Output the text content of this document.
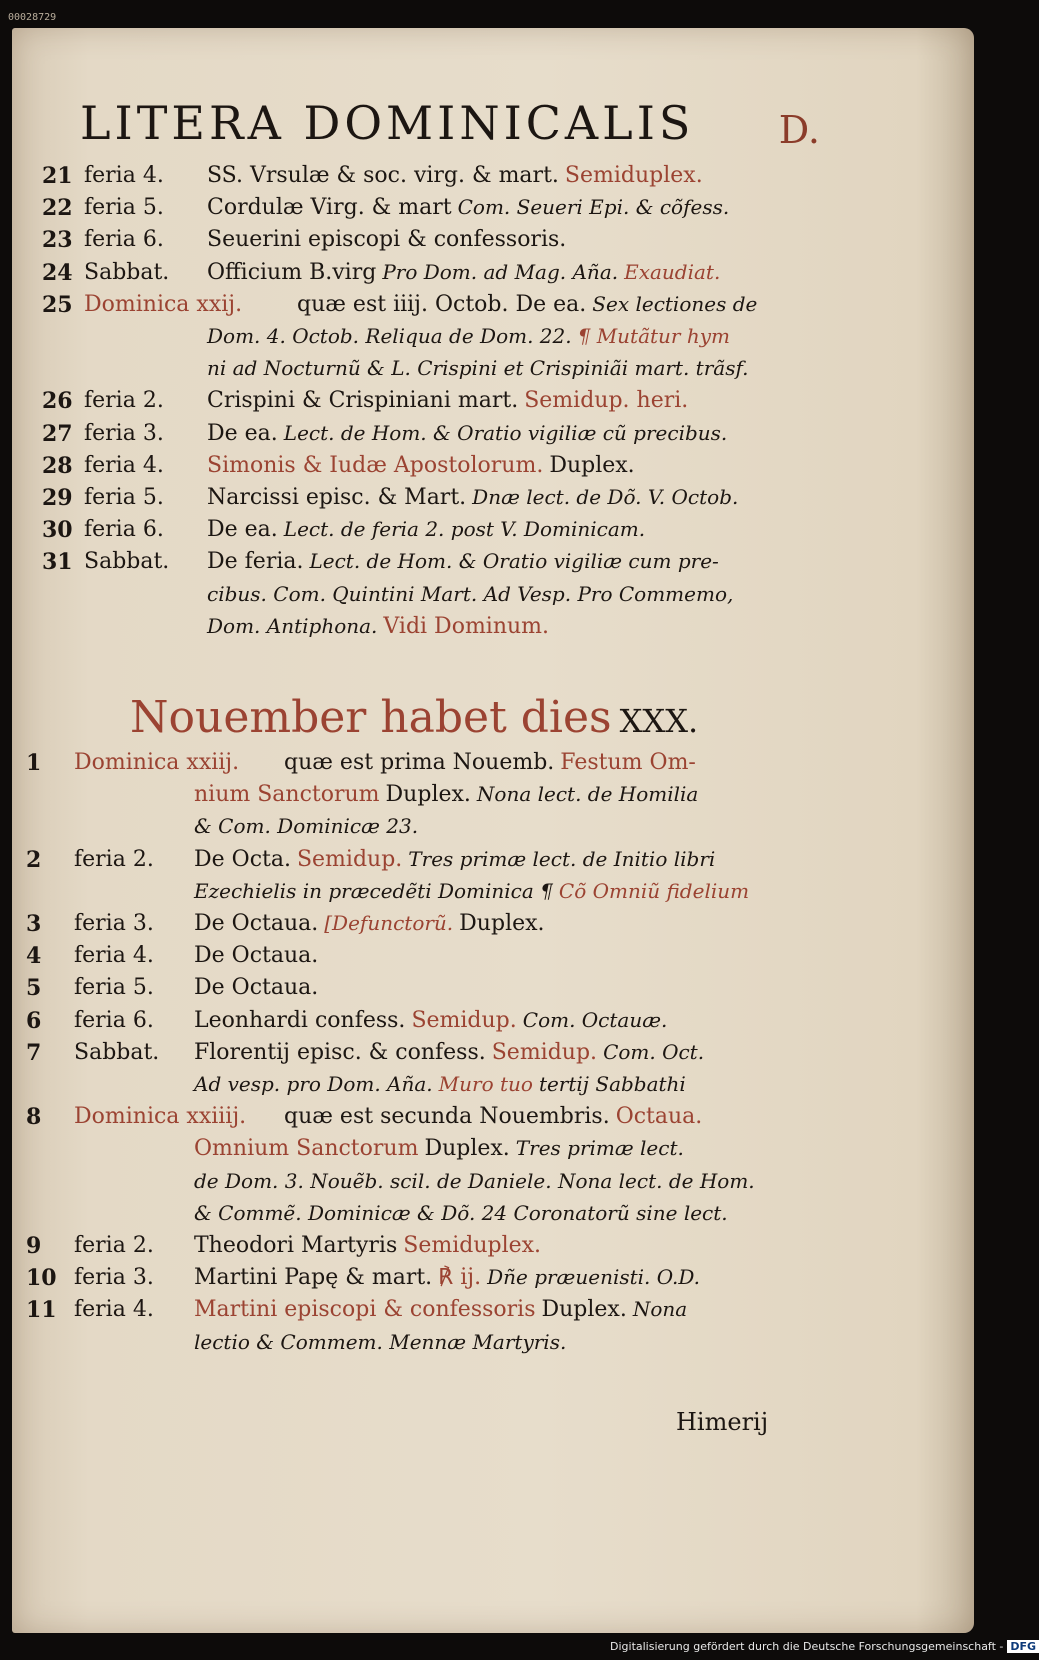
LITERA DOMINICALIS D.
21 feria 4. SS. Vrsulæ & soc. virg. & mart. Semiduplex.
22 feria 5. Cordulæ Virg. & mart Com. Seueri Epi. & cõfess.
23 feria 6. Seuerini episcopi & confessoris.
24 Sabbat. Officium B.virg Pro Dom. ad Mag. Aña. Exaudiat.
25 Dominica xxij. quæ est iiij. Octob. De ea. Sex lectiones de
Dom. 4. Octob. Reliqua de Dom. 22. ¶ Mutãtur hym
ni ad Nocturnũ & L. Crispini et Crispiniãi mart. trãsf.
26 feria 2. Crispini & Crispiniani mart. Semidup. heri.
27 feria 3. De ea. Lect. de Hom. & Oratio vigiliæ cũ precibus.
28 feria 4. Simonis & Iudæ Apostolorum. Duplex.
29 feria 5. Narcissi episc. & Mart. Dnæ lect. de Dõ. V. Octob.
30 feria 6. De ea. Lect. de feria 2. post V. Dominicam.
31 Sabbat. De feria. Lect. de Hom. & Oratio vigiliæ cum pre-
cibus. Com. Quintini Mart. Ad Vesp. Pro Commemo,
Dom. Antiphona. Vidi Dominum.
Nouember habet dies XXX.
1 Dominica xxiij. quæ est prima Nouemb. Festum Om-
nium Sanctorum Duplex. Nona lect. de Homilia
& Com. Dominicæ 23.
2 feria 2. De Octa. Semidup. Tres primæ lect. de Initio libri
Ezechielis in præcedẽti Dominica ¶ Cõ Omniũ fidelium
3 feria 3. De Octaua. [Defunctorũ. Duplex.
4 feria 4. De Octaua.
5 feria 5. De Octaua.
6 feria 6. Leonhardi confess. Semidup. Com. Octauæ.
7 Sabbat. Florentij episc. & confess. Semidup. Com. Oct.
Ad vesp. pro Dom. Aña. Muro tuo tertij Sabbathi
8 Dominica xxiiij. quæ est secunda Nouembris. Octaua.
Omnium Sanctorum Duplex. Tres primæ lect.
de Dom. 3. Nouẽb. scil. de Daniele. Nona lect. de Hom.
& Commẽ. Dominicæ & Dõ. 24 Coronatorũ sine lect.
9 feria 2. Theodori Martyris Semiduplex.
10 feria 3. Martini Papę & mart. ℟ ij. Dñe præuenisti. O.D.
11 feria 4. Martini episcopi & confessoris Duplex. Nona
lectio & Commem. Mennæ Martyris.
Himerij
00028729
Digitalisierung gefördert durch die Deutsche Forschungsgemeinschaft - DFG
